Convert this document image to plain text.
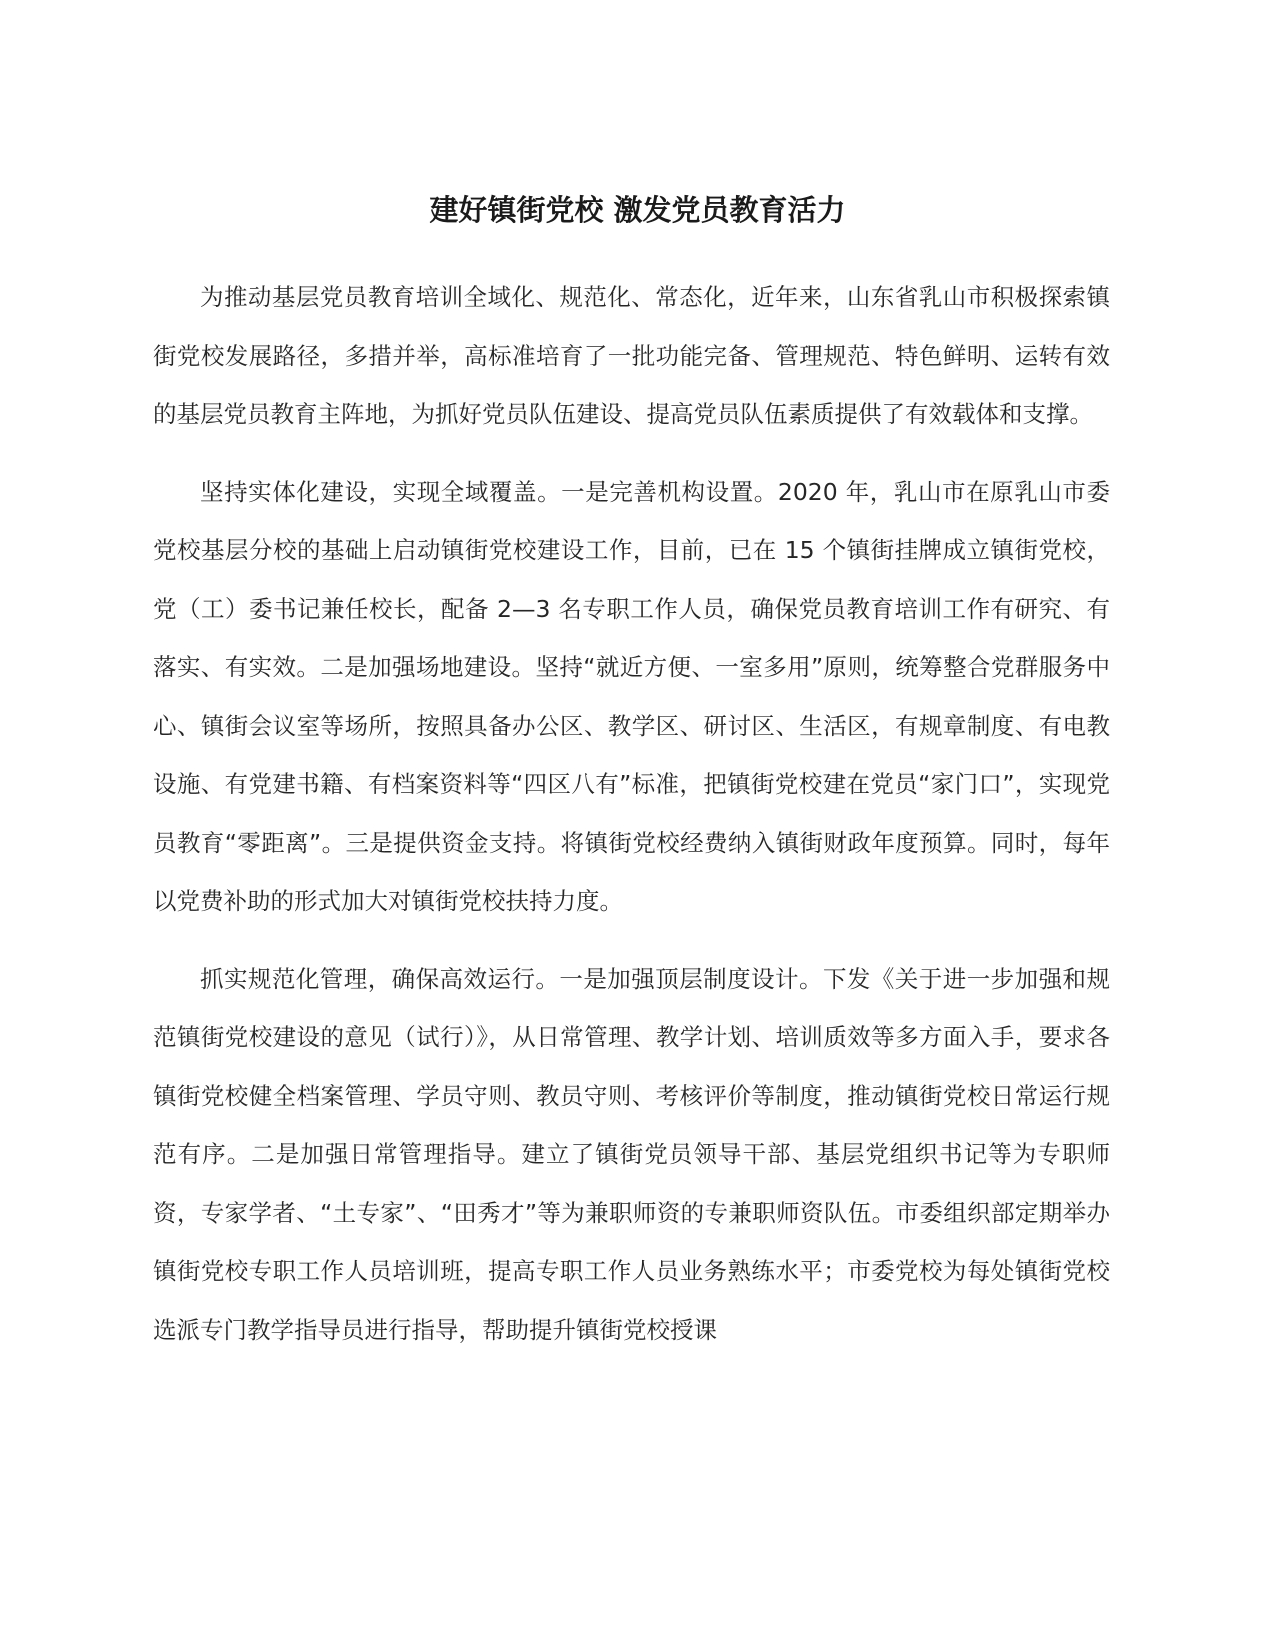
建好镇街党校 激发党员教育活力

为推动基层党员教育培训全域化、规范化、常态化，近年来，山东省乳山市积极探索镇街党校发展路径，多措并举，高标准培育了一批功能完备、管理规范、特色鲜明、运转有效的基层党员教育主阵地，为抓好党员队伍建设、提高党员队伍素质提供了有效载体和支撑。

坚持实体化建设，实现全域覆盖。一是完善机构设置。2020 年，乳山市在原乳山市委党校基层分校的基础上启动镇街党校建设工作，目前，已在 15 个镇街挂牌成立镇街党校，党（工）委书记兼任校长，配备 2—3 名专职工作人员，确保党员教育培训工作有研究、有落实、有实效。二是加强场地建设。坚持“就近方便、一室多用”原则，统筹整合党群服务中心、镇街会议室等场所，按照具备办公区、教学区、研讨区、生活区，有规章制度、有电教设施、有党建书籍、有档案资料等“四区八有”标准，把镇街党校建在党员“家门口”，实现党员教育“零距离”。三是提供资金支持。将镇街党校经费纳入镇街财政年度预算。同时，每年以党费补助的形式加大对镇街党校扶持力度。

抓实规范化管理，确保高效运行。一是加强顶层制度设计。下发《关于进一步加强和规范镇街党校建设的意见（试行）》，从日常管理、教学计划、培训质效等多方面入手，要求各镇街党校健全档案管理、学员守则、教员守则、考核评价等制度，推动镇街党校日常运行规范有序。二是加强日常管理指导。建立了镇街党员领导干部、基层党组织书记等为专职师资，专家学者、“土专家”、“田秀才”等为兼职师资的专兼职师资队伍。市委组织部定期举办镇街党校专职工作人员培训班，提高专职工作人员业务熟练水平；市委党校为每处镇街党校选派专门教学指导员进行指导，帮助提升镇街党校授课
